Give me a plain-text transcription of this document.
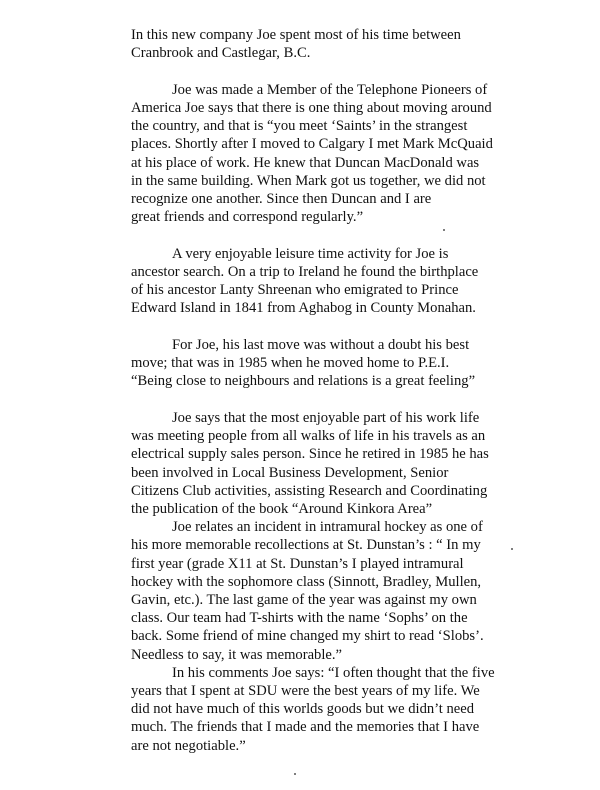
In this new company Joe spent most of his time between
Cranbrook and Castlegar, B.C.
Joe was made a Member of the Telephone Pioneers of
America Joe says that there is one thing about moving around
the country, and that is “you meet ‘Saints’ in the strangest
places. Shortly after I moved to Calgary I met Mark McQuaid
at his place of work. He knew that Duncan MacDonald was
in the same building. When Mark got us together, we did not
recognize one another. Since then Duncan and I are
great friends and correspond regularly.”
A very enjoyable leisure time activity for Joe is
ancestor search. On a trip to Ireland he found the birthplace
of his ancestor Lanty Shreenan who emigrated to Prince
Edward Island in 1841 from Aghabog in County Monahan.
For Joe, his last move was without a doubt his best
move; that was in 1985 when he moved home to P.E.I.
“Being close to neighbours and relations is a great feeling”
Joe says that the most enjoyable part of his work life
was meeting people from all walks of life in his travels as an
electrical supply sales person. Since he retired in 1985 he has
been involved in Local Business Development, Senior
Citizens Club activities, assisting Research and Coordinating
the publication of the book “Around Kinkora Area”
Joe relates an incident in intramural hockey as one of
his more memorable recollections at St. Dunstan’s : “ In my
first year (grade X11 at St. Dunstan’s I played intramural
hockey with the sophomore class (Sinnott, Bradley, Mullen,
Gavin, etc.). The last game of the year was against my own
class. Our team had T-shirts with the name ‘Sophs’ on the
back. Some friend of mine changed my shirt to read ‘Slobs’.
Needless to say, it was memorable.”
In his comments Joe says: “I often thought that the five
years that I spent at SDU were the best years of my life. We
did not have much of this worlds goods but we didn’t need
much. The friends that I made and the memories that I have
are not negotiable.”
